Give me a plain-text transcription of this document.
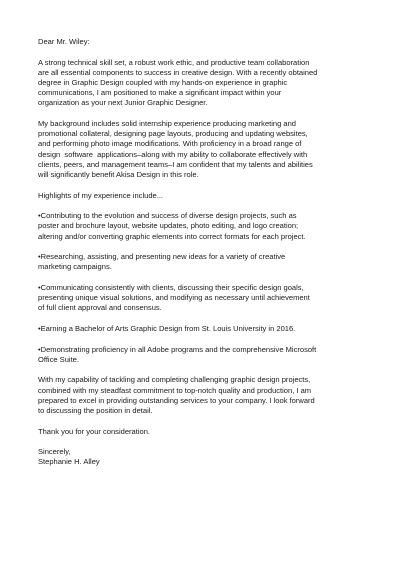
Dear Mr. Wiley:

A strong technical skill set, a robust work ethic, and productive team collaboration
are all essential components to success in creative design. With a recently obtained
degree in Graphic Design coupled with my hands-on experience in graphic
communications, I am positioned to make a significant impact within your
organization as your next Junior Graphic Designer.

My background includes solid internship experience producing marketing and
promotional collateral, designing page layouts, producing and updating websites,
and performing photo image modifications. With proficiency in a broad range of
design  software  applications–along with my ability to collaborate effectively with
clients, peers, and management teams–I am confident that my talents and abilities
will significantly benefit Akisa Design in this role.

Highlights of my experience include...

•Contributing to the evolution and success of diverse design projects, such as
poster and brochure layout, website updates, photo editing, and logo creation;
altering and/or converting graphic elements into correct formats for each project.

•Researching, assisting, and presenting new ideas for a variety of creative
marketing campaigns.

•Communicating consistently with clients, discussing their specific design goals,
presenting unique visual solutions, and modifying as necessary until achievement
of full client approval and consensus.

•Earning a Bachelor of Arts Graphic Design from St. Louis University in 2016.

•Demonstrating proficiency in all Adobe programs and the comprehensive Microsoft
Office Suite.

With my capability of tackling and completing challenging graphic design projects,
combined with my steadfast commitment to top-notch quality and production, I am
prepared to excel in providing outstanding services to your company. I look forward
to discussing the position in detail.

Thank you for your consideration.

Sincerely,
Stephanie H. Alley
